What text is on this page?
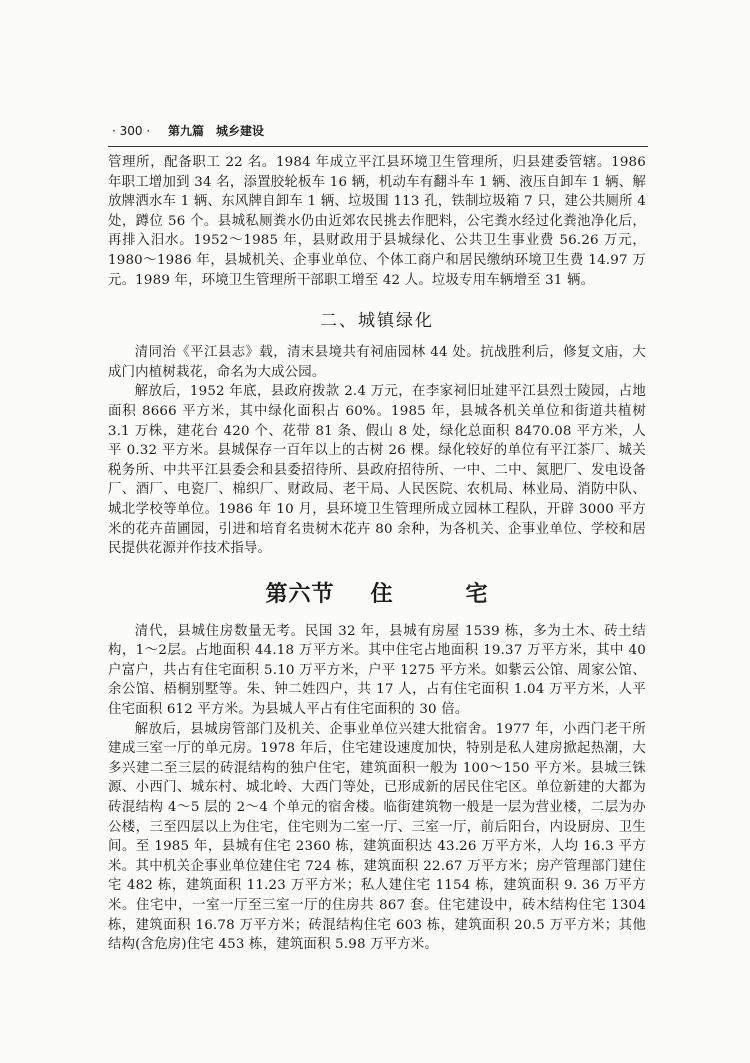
· 300 · 第九篇　城乡建设

管理所，配备职工 22 名。1984 年成立平江县环境卫生管理所，归县建委管辖。1986 年职工增加到 34 名，添置胶轮板车 16 辆，机动车有翻斗车 1 辆、液压自卸车 1 辆、解放牌洒水车 1 辆、东风牌自卸车 1 辆、垃圾围 113 孔，铁制垃圾箱 7 只，建公共厕所 4 处，蹲位 56 个。县城私厕粪水仍由近郊农民挑去作肥料，公宅粪水经过化粪池净化后，再排入汨水。1952～1985 年，县财政用于县城绿化、公共卫生事业费 56.26 万元，1980～1986 年，县城机关、企事业单位、个体工商户和居民缴纳环境卫生费 14.97 万元。1989 年，环境卫生管理所干部职工增至 42 人。垃圾专用车辆增至 31 辆。

二、城镇绿化

清同治《平江县志》载，清末县境共有祠庙园林 44 处。抗战胜利后，修复文庙，大成门内植树栽花，命名为大成公园。

解放后，1952 年底，县政府拨款 2.4 万元，在李家祠旧址建平江县烈士陵园，占地面积 8666 平方米，其中绿化面积占 60%。1985 年，县城各机关单位和街道共植树 3.1 万株，建花台 420 个、花带 81 条、假山 8 处，绿化总面积 8470.08 平方米，人平 0.32 平方米。县城保存一百年以上的古树 26 棵。绿化较好的单位有平江茶厂、城关税务所、中共平江县委会和县委招待所、县政府招待所、一中、二中、氮肥厂、发电设备厂、酒厂、电瓷厂、棉织厂、财政局、老干局、人民医院、农机局、林业局、消防中队、城北学校等单位。1986 年 10 月，县环境卫生管理所成立园林工程队，开辟 3000 平方米的花卉苗圃园，引进和培育名贵树木花卉 80 余种，为各机关、企事业单位、学校和居民提供花源并作技术指导。

第六节 住	宅

清代，县城住房数量无考。民国 32 年，县城有房屋 1539 栋，多为土木、砖土结构，1～2层。占地面积 44.18 万平方米。其中住宅占地面积 19.37 万平方米，其中 40 户富户，共占有住宅面积 5.10 万平方米，户平 1275 平方米。如紫云公馆、周家公馆、余公馆、梧桐别墅等。朱、钟二姓四户，共 17 人，占有住宅面积 1.04 万平方米，人平住宅面积 612 平方米。为县城人平占有住宅面积的 30 倍。

解放后，县城房管部门及机关、企事业单位兴建大批宿舍。1977 年，小西门老干所建成三室一厅的单元房。1978 年后，住宅建设速度加快，特别是私人建房掀起热潮，大多兴建二至三层的砖混结构的独户住宅，建筑面积一般为 100～150 平方米。县城三铢源、小西门、城东村、城北岭、大西门等处，已形成新的居民住宅区。单位新建的大都为砖混结构 4～5 层的 2～4 个单元的宿舍楼。临街建筑物一般是一层为营业楼，二层为办公楼，三至四层以上为住宅，住宅则为二室一厅、三室一厅，前后阳台，内设厨房、卫生间。至 1985 年，县城有住宅 2360 栋，建筑面积达 43.26 万平方米，人均 16.3 平方米。其中机关企事业单位建住宅 724 栋，建筑面积 22.67 万平方米；房产管理部门建住宅 482 栋，建筑面积 11.23 万平方米；私人建住宅 1154 栋，建筑面积 9. 36 万平方米。住宅中，一室一厅至三室一厅的住房共 867 套。住宅建设中，砖木结构住宅 1304 栋，建筑面积 16.78 万平方米；砖混结构住宅 603 栋，建筑面积 20.5 万平方米；其他结构(含危房)住宅 453 栋，建筑面积 5.98 万平方米。
